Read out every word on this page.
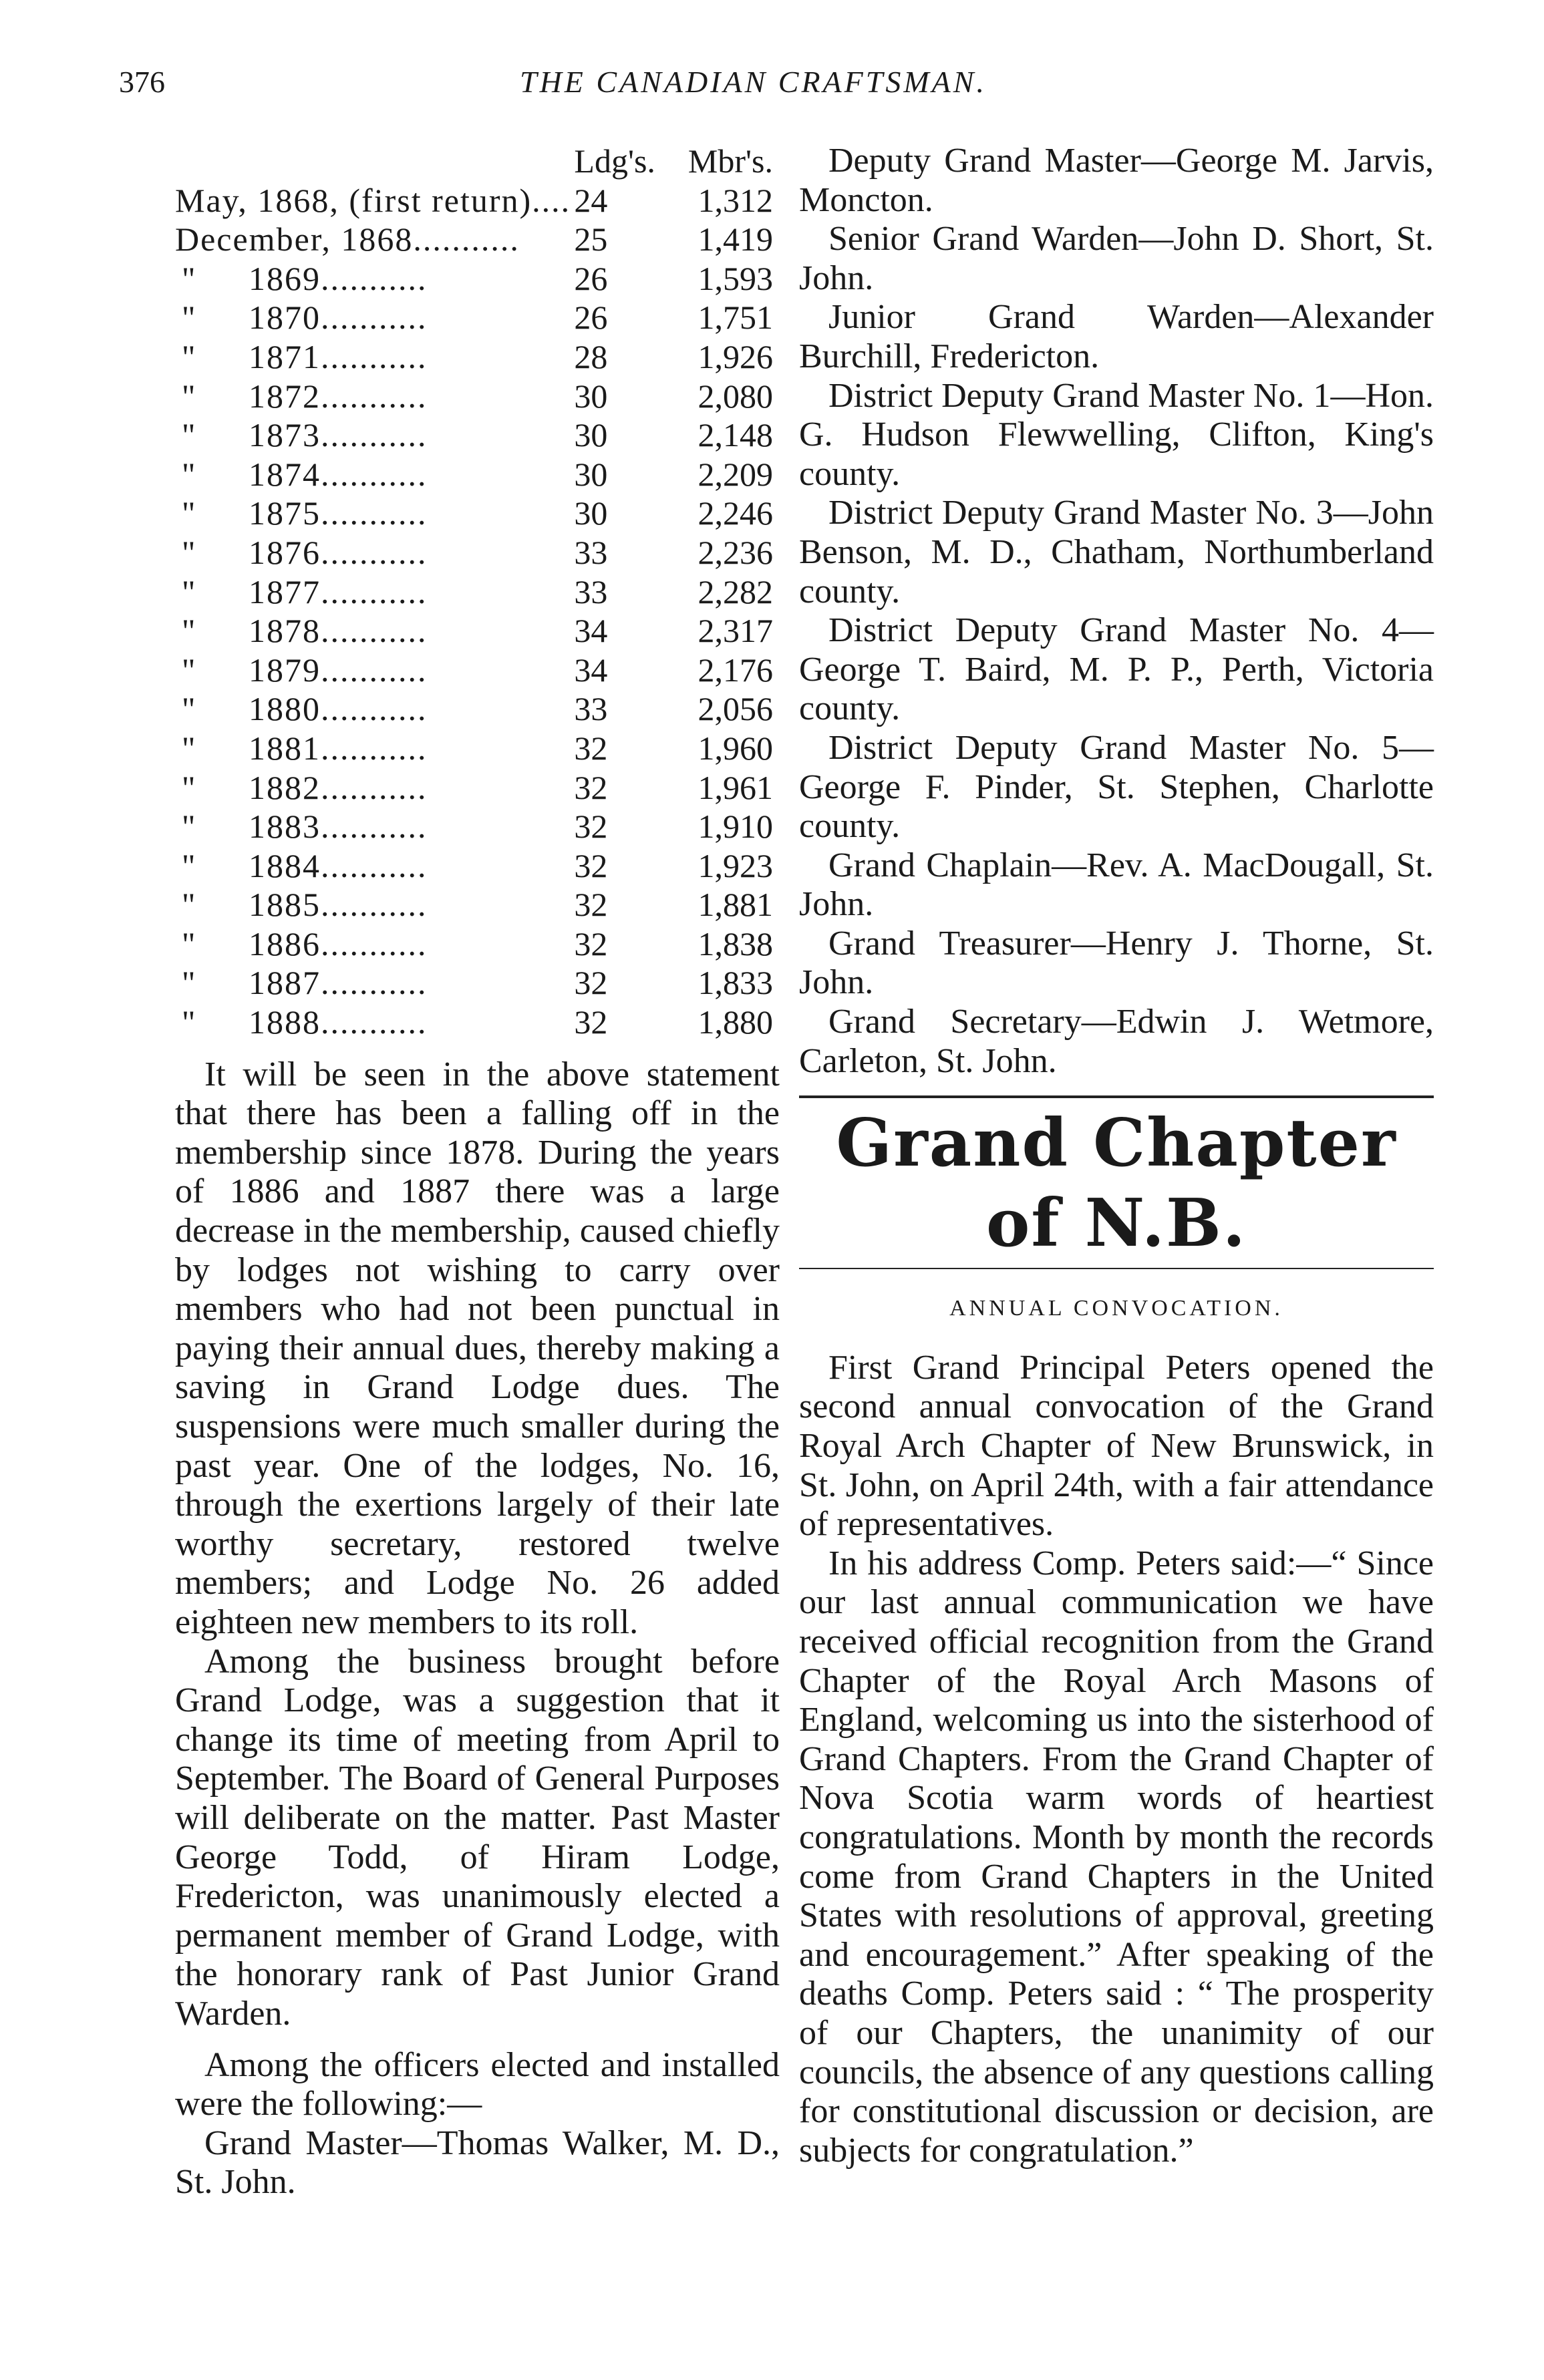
376	THE CANADIAN CRAFTSMAN.
	Ldg's.	Mbr's.
May, 1868, (first return)....	24	1,312
December, 1868...........	25	1,419
" 1869...........	26	1,593
" 1870...........	26	1,751
" 1871...........	28	1,926
" 1872...........	30	2,080
" 1873...........	30	2,148
" 1874...........	30	2,209
" 1875...........	30	2,246
" 1876...........	33	2,236
" 1877...........	33	2,282
" 1878...........	34	2,317
" 1879...........	34	2,176
" 1880...........	33	2,056
" 1881...........	32	1,960
" 1882...........	32	1,961
" 1883...........	32	1,910
" 1884...........	32	1,923
" 1885...........	32	1,881
" 1886...........	32	1,838
" 1887...........	32	1,833
" 1888...........	32	1,880

It will be seen in the above statement that there has been a falling off in the membership since 1878. During the years of 1886 and 1887 there was a large decrease in the membership, caused chiefly by lodges not wishing to carry over members who had not been punctual in paying their annual dues, thereby making a saving in Grand Lodge dues. The suspensions were much smaller during the past year. One of the lodges, No. 16, through the exertions largely of their late worthy secretary, restored twelve members; and Lodge No. 26 added eighteen new members to its roll.

Among the business brought before Grand Lodge, was a suggestion that it change its time of meeting from April to September. The Board of General Purposes will deliberate on the matter. Past Master George Todd, of Hiram Lodge, Fredericton, was unanimously elected a permanent member of Grand Lodge, with the honorary rank of Past Junior Grand Warden.

Among the officers elected and installed were the following:—

Grand Master—Thomas Walker, M. D., St. John.

Deputy Grand Master—George M. Jarvis, Moncton.

Senior Grand Warden—John D. Short, St. John.

Junior Grand Warden—Alexander Burchill, Fredericton.

District Deputy Grand Master No. 1—Hon. G. Hudson Flewwelling, Clifton, King's county.

District Deputy Grand Master No. 3—John Benson, M. D., Chatham, Northumberland county.

District Deputy Grand Master No. 4—George T. Baird, M. P. P., Perth, Victoria county.

District Deputy Grand Master No. 5—George F. Pinder, St. Stephen, Charlotte county.

Grand Chaplain—Rev. A. MacDougall, St. John.

Grand Treasurer—Henry J. Thorne, St. John.

Grand Secretary—Edwin J. Wetmore, Carleton, St. John.

Grand Chapter of N.B.

ANNUAL CONVOCATION.

First Grand Principal Peters opened the second annual convocation of the Grand Royal Arch Chapter of New Brunswick, in St. John, on April 24th, with a fair attendance of representatives.

In his address Comp. Peters said:—“ Since our last annual communication we have received official recognition from the Grand Chapter of the Royal Arch Masons of England, welcoming us into the sisterhood of Grand Chapters. From the Grand Chapter of Nova Scotia warm words of heartiest congratulations. Month by month the records come from Grand Chapters in the United States with resolutions of approval, greeting and encouragement.” After speaking of the deaths Comp. Peters said : “ The prosperity of our Chapters, the unanimity of our councils, the absence of any questions calling for constitutional discussion or decision, are subjects for congratulation.”
